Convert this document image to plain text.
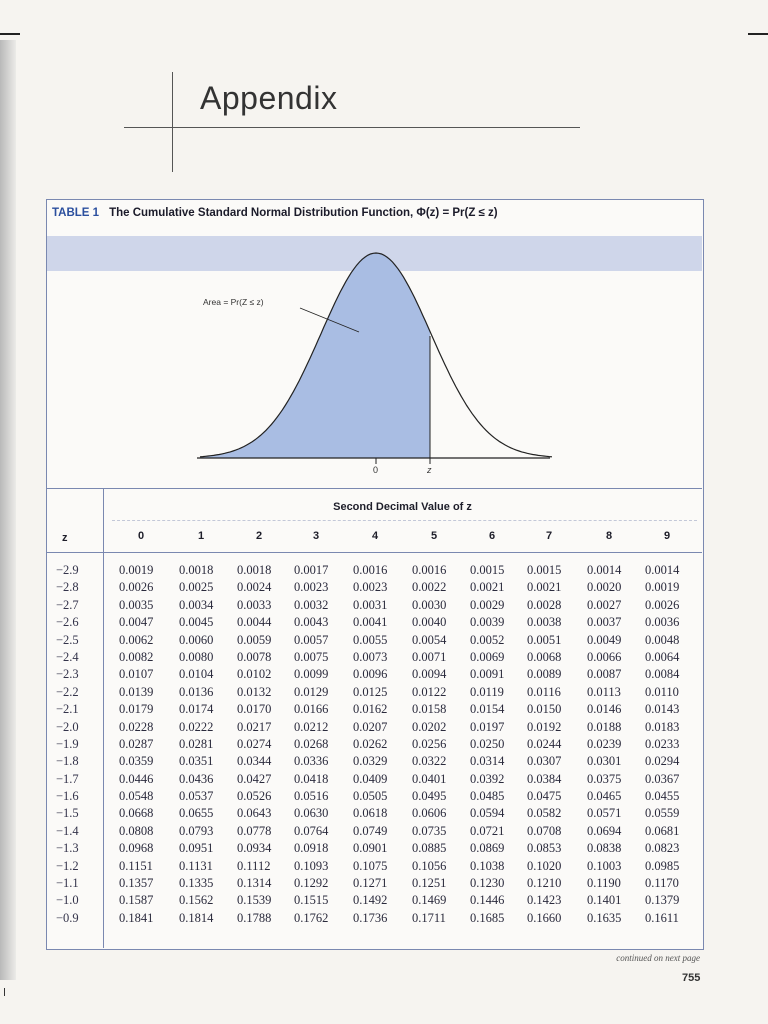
Appendix
TABLE 1 The Cumulative Standard Normal Distribution Function, Φ(z) = Pr(Z ≤ z)
0	z
Area = Pr(Z ≤ z)
Second Decimal Value of z
z	0	1	2	3	4	5	6	7	8	9
−2.9	0.0019 0.0018 0.0018 0.0017 0.0016 0.0016 0.0015 0.0015 0.0014 0.0014
−2.8	0.0026 0.0025 0.0024 0.0023 0.0023 0.0022 0.0021 0.0021 0.0020 0.0019
−2.7	0.0035 0.0034 0.0033 0.0032 0.0031 0.0030 0.0029 0.0028 0.0027 0.0026
−2.6	0.0047 0.0045 0.0044 0.0043 0.0041 0.0040 0.0039 0.0038 0.0037 0.0036
−2.5	0.0062 0.0060 0.0059 0.0057 0.0055 0.0054 0.0052 0.0051 0.0049 0.0048
−2.4	0.0082 0.0080 0.0078 0.0075 0.0073 0.0071 0.0069 0.0068 0.0066 0.0064
−2.3	0.0107 0.0104 0.0102 0.0099 0.0096 0.0094 0.0091 0.0089 0.0087 0.0084
−2.2	0.0139 0.0136 0.0132 0.0129 0.0125 0.0122 0.0119 0.0116 0.0113 0.0110
−2.1	0.0179 0.0174 0.0170 0.0166 0.0162 0.0158 0.0154 0.0150 0.0146 0.0143
−2.0	0.0228 0.0222 0.0217 0.0212 0.0207 0.0202 0.0197 0.0192 0.0188 0.0183
−1.9	0.0287 0.0281 0.0274 0.0268 0.0262 0.0256 0.0250 0.0244 0.0239 0.0233
−1.8	0.0359 0.0351 0.0344 0.0336 0.0329 0.0322 0.0314 0.0307 0.0301 0.0294
−1.7	0.0446 0.0436 0.0427 0.0418 0.0409 0.0401 0.0392 0.0384 0.0375 0.0367
−1.6	0.0548 0.0537 0.0526 0.0516 0.0505 0.0495 0.0485 0.0475 0.0465 0.0455
−1.5	0.0668 0.0655 0.0643 0.0630 0.0618 0.0606 0.0594 0.0582 0.0571 0.0559
−1.4	0.0808 0.0793 0.0778 0.0764 0.0749 0.0735 0.0721 0.0708 0.0694 0.0681
−1.3	0.0968 0.0951 0.0934 0.0918 0.0901 0.0885 0.0869 0.0853 0.0838 0.0823
−1.2	0.1151 0.1131 0.1112 0.1093 0.1075 0.1056 0.1038 0.1020 0.1003 0.0985
−1.1	0.1357 0.1335 0.1314 0.1292 0.1271 0.1251 0.1230 0.1210 0.1190 0.1170
−1.0	0.1587 0.1562 0.1539 0.1515 0.1492 0.1469 0.1446 0.1423 0.1401 0.1379
−0.9	0.1841 0.1814 0.1788 0.1762 0.1736 0.1711 0.1685 0.1660 0.1635 0.1611
continued on next page
755
